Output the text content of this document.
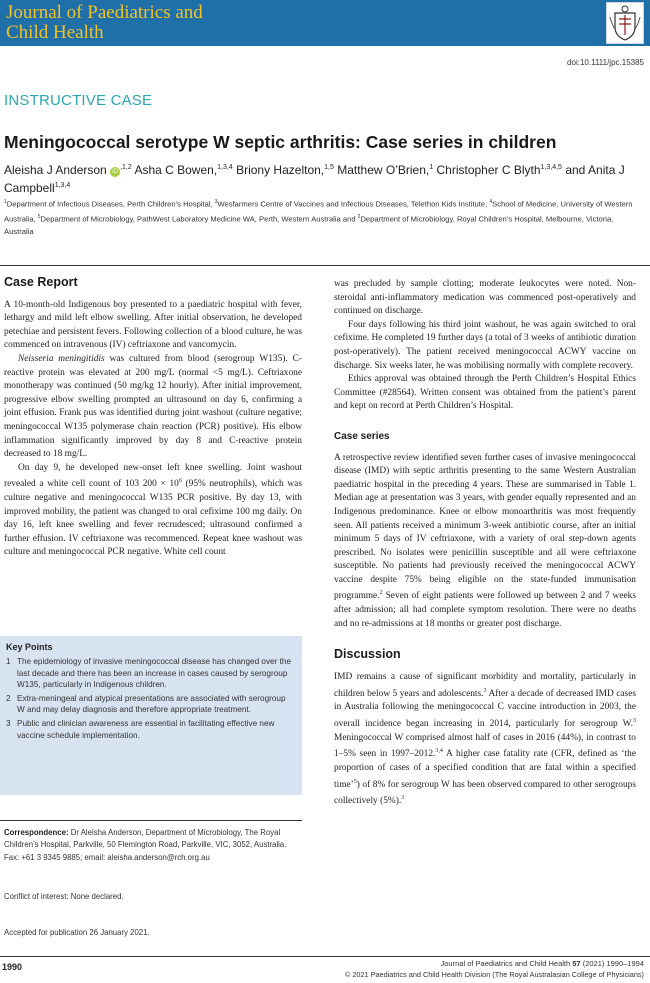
Journal of Paediatrics and
Child Health
doi:10.1111/jpc.15385
INSTRUCTIVE CASE
Meningococcal serotype W septic arthritis: Case series in children
Aleisha J Anderson $iD^{,1,2}$ Asha C Bowen,$^{1,3,4}$ Briony Hazelton,$^{1,5}$ Matthew O’Brien,$^1$ Christopher C Blyth$^{1,3,4,5}$ and Anita J Campbell$^{1,3,4}$
$^1$Department of Infectious Diseases, Perth Children’s Hospital, $^3$Wesfarmers Centre of Vaccines and Infectious Diseases, Telethon Kids Institute, $^4$School of Medicine, University of Western Australia, $^5$Department of Microbiology, PathWest Laboratory Medicine WA, Perth, Western Australia and $^2$Department of Microbiology, Royal Children’s Hospital, Melbourne, Victoria, Australia
Case Report

A 10-month-old Indigenous boy presented to a paediatric hospital with fever, lethargy and mild left elbow swelling. After initial observation, he developed petechiae and persistent fevers. Following collection of a blood culture, he was commenced on intravenous (IV) ceftriaxone and vancomycin.

Neisseria meningitidis was cultured from blood (serogroup W135). C-reactive protein was elevated at 200 mg/L (normal <5 mg/L). Ceftriaxone monotherapy was continued (50 mg/kg 12 hourly). After initial improvement, progressive elbow swelling prompted an ultrasound on day 6, confirming a joint effusion. Frank pus was identified during joint washout (culture negative; meningococcal W135 polymerase chain reaction (PCR) positive). His elbow inflammation significantly improved by day 8 and C-reactive protein decreased to 18 mg/L.

On day 9, he developed new-onset left knee swelling. Joint washout revealed a white cell count of 103 $200 \times 10^6$ (95% neutrophils), which was culture negative and meningococcal W135 PCR positive. By day 13, with improved mobility, the patient was changed to oral cefixime 100 mg daily. On day 16, left knee swelling and fever recrudesced; ultrasound confirmed a further effusion. IV ceftriaxone was recommenced. Repeat knee washout was culture and meningococcal PCR negative. White cell count

Key Points
1 The epidemiology of invasive meningococcal disease has changed over the last decade and there has been an increase in cases caused by serogroup W135, particularly in Indigenous children.
2 Extra-meningeal and atypical presentations are associated with serogroup W and may delay diagnosis and therefore appropriate treatment.
3 Public and clinician awareness are essential in facilitating effective new vaccine schedule implementation.
Correspondence: Dr Aleisha Anderson, Department of Microbiology, The Royal Children’s Hospital, Parkville, 50 Flemington Road, Parkville, VIC, 3052, Australia. Fax: +61 3 9345 9885; email: aleisha.anderson@rch.org.au
Conflict of interest: None declared.
Accepted for publication 26 January 2021.

was precluded by sample clotting; moderate leukocytes were noted. Non-steroidal anti-inflammatory medication was commenced post-operatively and continued on discharge.

Four days following his third joint washout, he was again switched to oral cefixime. He completed 19 further days (a total of 3 weeks of antibiotic duration post-operatively). The patient received meningococcal ACWY vaccine on discharge. Six weeks later, he was mobilising normally with complete recovery.

Ethics approval was obtained through the Perth Children’s Hospital Ethics Committee (#28564). Written consent was obtained from the patient’s parent and kept on record at Perth Children’s Hospital.

Case series

A retrospective review identified seven further cases of invasive meningococcal disease (IMD) with septic arthritis presenting to the same Western Australian paediatric hospital in the preceding 4 years. These are summarised in Table 1. Median age at presentation was 3 years, with gender equally represented and an Indigenous predominance. Knee or elbow monoarthritis was most frequently seen. All patients received a minimum 3-week antibiotic course, after an initial minimum 5 days of IV ceftriaxone, with a variety of oral step-down agents prescribed. No isolates were penicillin susceptible and all were ceftriaxone susceptible. No patients had previously received the meningococcal ACWY vaccine despite 75% being eligible on the state-funded immunisation programme.$^2$ Seven of eight patients were followed up between 2 and 7 weeks after admission; all had complete symptom resolution. There were no deaths and no re-admissions at 18 months or greater post discharge.

Discussion

IMD remains a cause of significant morbidity and mortality, particularly in children below 5 years and adolescents.$^3$ After a decade of decreased IMD cases in Australia following the meningococcal C vaccine introduction in 2003, the overall incidence began increasing in 2014, particularly for serogroup W.$^3$ Meningococcal W comprised almost half of cases in 2016 (44%), in contrast to 1–5% seen in 1997–2012.$^{3,4}$ A higher case fatality rate (CFR, defined as ‘the proportion of cases of a specified condition that are fatal within a specified time’$^5$) of 8% for serogroup W has been observed compared to other serogroups collectively (5%).$^3$

1990	Journal of Paediatrics and Child Health 57 (2021) 1990–1994
© 2021 Paediatrics and Child Health Division (The Royal Australasian College of Physicians)
